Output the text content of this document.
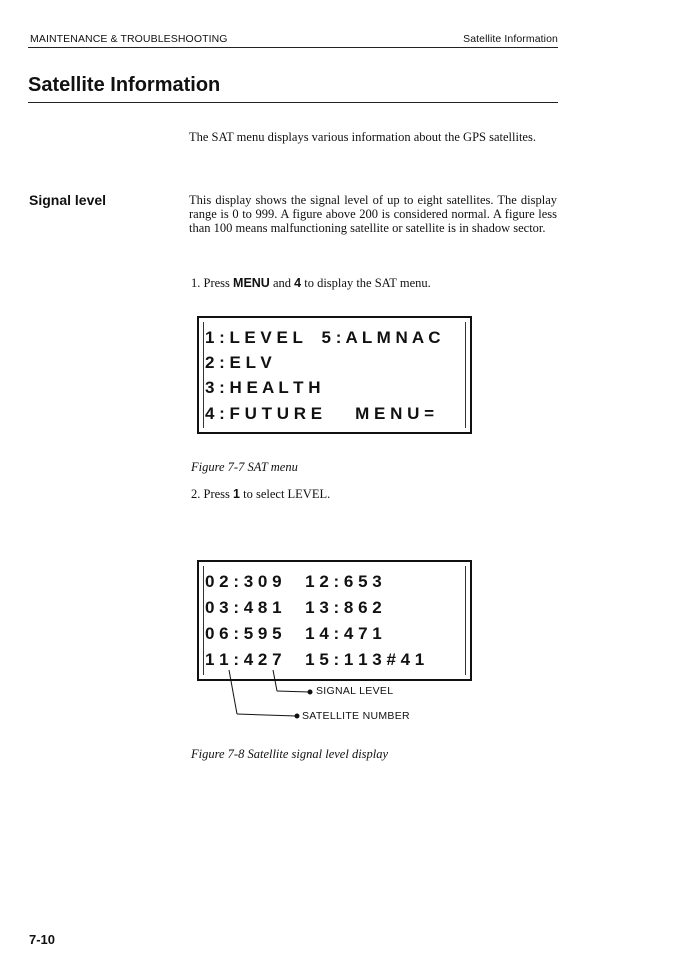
MAINTENANCE & TROUBLESHOOTING	Satellite Information
Satellite Information
The SAT menu displays various information about the GPS satellites.
Signal level	This display shows the signal level of up to eight satellites. The display range is 0 to 999. A figure above 200 is considered normal. A figure less than 100 means malfunctioning satellite or satellite is in shadow sector.
1. Press MENU and 4 to display the SAT menu.
1 : L E V E L    5 : A L M N A C
2 : E L V
3 : H E A L T H
4 : F U T U R E       M E N U =
Figure 7-7 SAT menu
2. Press 1 to select LEVEL.
0 2 : 3 0 9     1 2 : 6 5 3
0 3 : 4 8 1     1 3 : 8 6 2
0 6 : 5 9 5     1 4 : 4 7 1
1 1 : 4 2 7     1 5 : 1 1 3 # 4 1
SIGNAL LEVEL
SATELLITE NUMBER
Figure 7-8 Satellite signal level display
7-10
